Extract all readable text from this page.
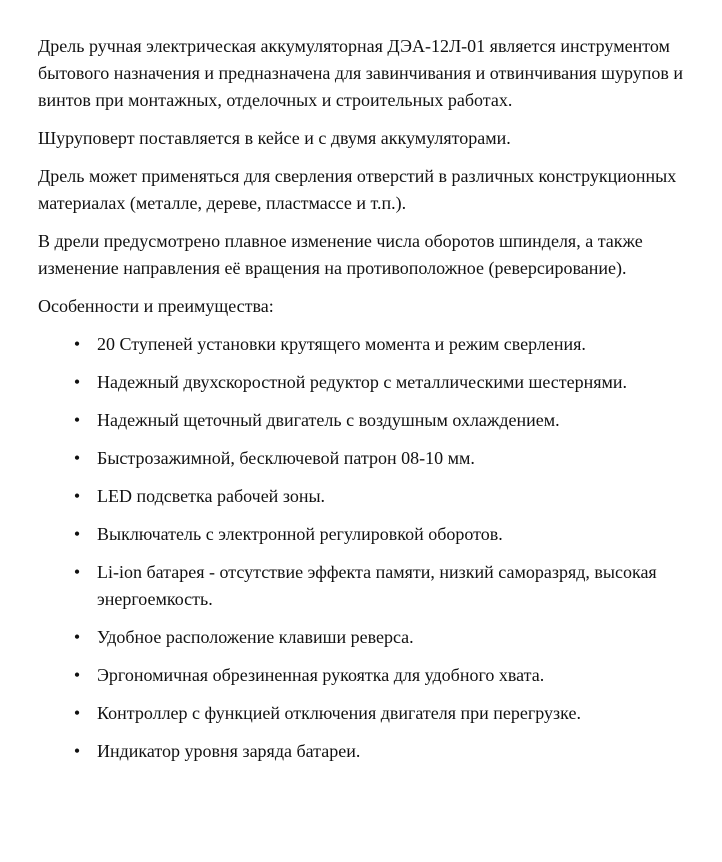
Дрель ручная электрическая аккумуляторная ДЭА-12Л-01 является инструментом бытового назначения и предназначена для завинчивания и отвинчивания шурупов и винтов при монтажных, отделочных и строительных работах.

Шуруповерт поставляется в кейсе и с двумя аккумуляторами.

Дрель может применяться для сверления отверстий в различных конструкционных материалах (металле, дереве, пластмассе и т.п.).

В дрели предусмотрено плавное изменение числа оборотов шпинделя, а также изменение направления её вращения на противоположное (реверсирование).

Особенности и преимущества:

• 20 Ступеней установки крутящего момента и режим сверления.
• Надежный двухскоростной редуктор с металлическими шестернями.
• Надежный щеточный двигатель с воздушным охлаждением.
• Быстрозажимной, бесключевой патрон 08-10 мм.
• LED подсветка рабочей зоны.
• Выключатель с электронной регулировкой оборотов.
• Li-ion батарея - отсутствие эффекта памяти, низкий саморазряд, высокая энергоемкость.
• Удобное расположение клавиши реверса.
• Эргономичная обрезиненная рукоятка для удобного хвата.
• Контроллер с функцией отключения двигателя при перегрузке.
• Индикатор уровня заряда батареи.
